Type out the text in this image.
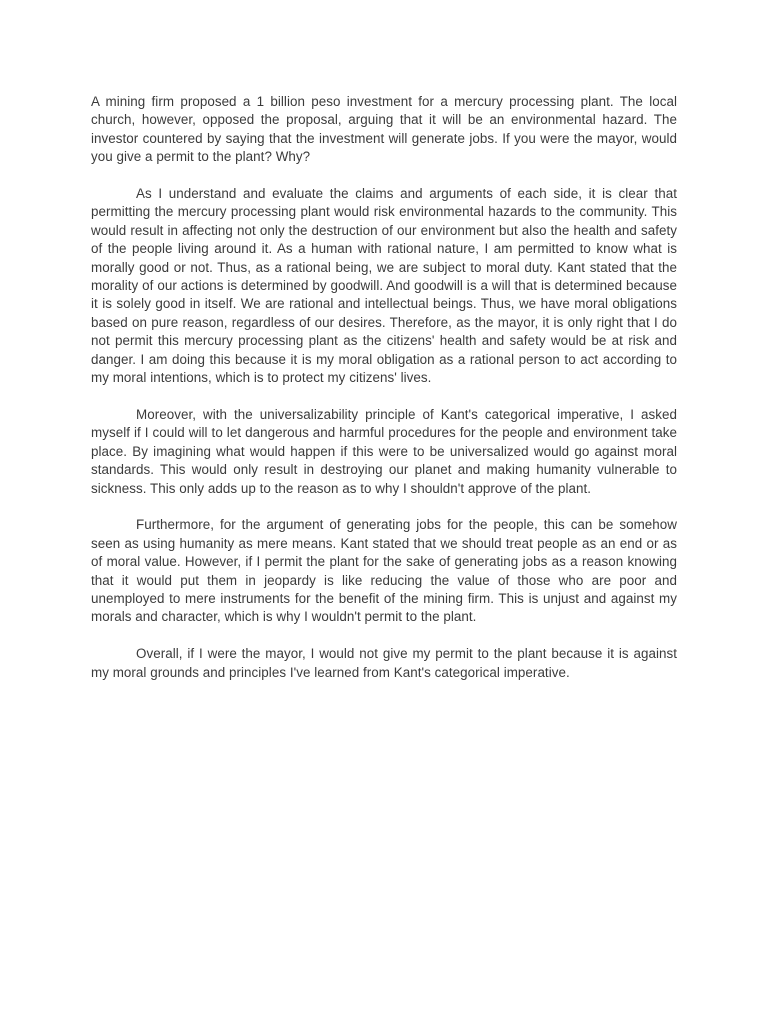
A mining firm proposed a 1 billion peso investment for a mercury processing plant. The local church, however, opposed the proposal, arguing that it will be an environmental hazard. The investor countered by saying that the investment will generate jobs. If you were the mayor, would you give a permit to the plant? Why?

As I understand and evaluate the claims and arguments of each side, it is clear that permitting the mercury processing plant would risk environmental hazards to the community. This would result in affecting not only the destruction of our environment but also the health and safety of the people living around it. As a human with rational nature, I am permitted to know what is morally good or not. Thus, as a rational being, we are subject to moral duty. Kant stated that the morality of our actions is determined by goodwill. And goodwill is a will that is determined because it is solely good in itself. We are rational and intellectual beings. Thus, we have moral obligations based on pure reason, regardless of our desires. Therefore, as the mayor, it is only right that I do not permit this mercury processing plant as the citizens' health and safety would be at risk and danger. I am doing this because it is my moral obligation as a rational person to act according to my moral intentions, which is to protect my citizens' lives.

Moreover, with the universalizability principle of Kant's categorical imperative, I asked myself if I could will to let dangerous and harmful procedures for the people and environment take place. By imagining what would happen if this were to be universalized would go against moral standards. This would only result in destroying our planet and making humanity vulnerable to sickness. This only adds up to the reason as to why I shouldn't approve of the plant.

Furthermore, for the argument of generating jobs for the people, this can be somehow seen as using humanity as mere means. Kant stated that we should treat people as an end or as of moral value. However, if I permit the plant for the sake of generating jobs as a reason knowing that it would put them in jeopardy is like reducing the value of those who are poor and unemployed to mere instruments for the benefit of the mining firm. This is unjust and against my morals and character, which is why I wouldn't permit to the plant.

Overall, if I were the mayor, I would not give my permit to the plant because it is against my moral grounds and principles I've learned from Kant's categorical imperative.
